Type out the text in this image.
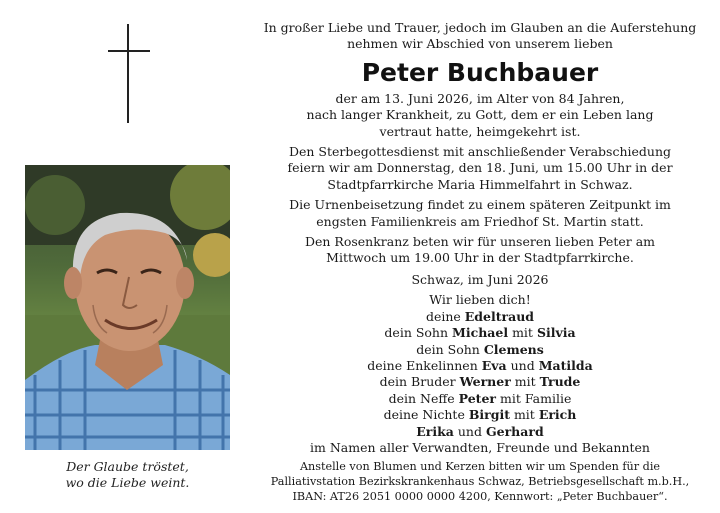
Der Glaube tröstet,
wo die Liebe weint.
In großer Liebe und Trauer, jedoch im Glauben an die Auferstehung
nehmen wir Abschied von unserem lieben
Peter Buchbauer
der am 13. Juni 2026, im Alter von 84 Jahren,
nach langer Krankheit, zu Gott, dem er ein Leben lang
vertraut hatte, heimgekehrt ist.
Den Sterbegottesdienst mit anschließender Verabschiedung
feiern wir am Donnerstag, den 18. Juni, um 15.00 Uhr in der
Stadtpfarrkirche Maria Himmelfahrt in Schwaz.
Die Urnenbeisetzung findet zu einem späteren Zeitpunkt im
engsten Familienkreis am Friedhof St. Martin statt.
Den Rosenkranz beten wir für unseren lieben Peter am
Mittwoch um 19.00 Uhr in der Stadtpfarrkirche.
Schwaz, im Juni 2026
Wir lieben dich!
deine Edeltraud
dein Sohn Michael mit Silvia
dein Sohn Clemens
deine Enkelinnen Eva und Matilda
dein Bruder Werner mit Trude
dein Neffe Peter mit Familie
deine Nichte Birgit mit Erich
Erika und Gerhard
im Namen aller Verwandten, Freunde und Bekannten
Anstelle von Blumen und Kerzen bitten wir um Spenden für die
Palliativstation Bezirkskrankenhaus Schwaz, Betriebsgesellschaft m.b.H.,
IBAN: AT26 2051 0000 0000 4200, Kennwort: „Peter Buchbauer“.
